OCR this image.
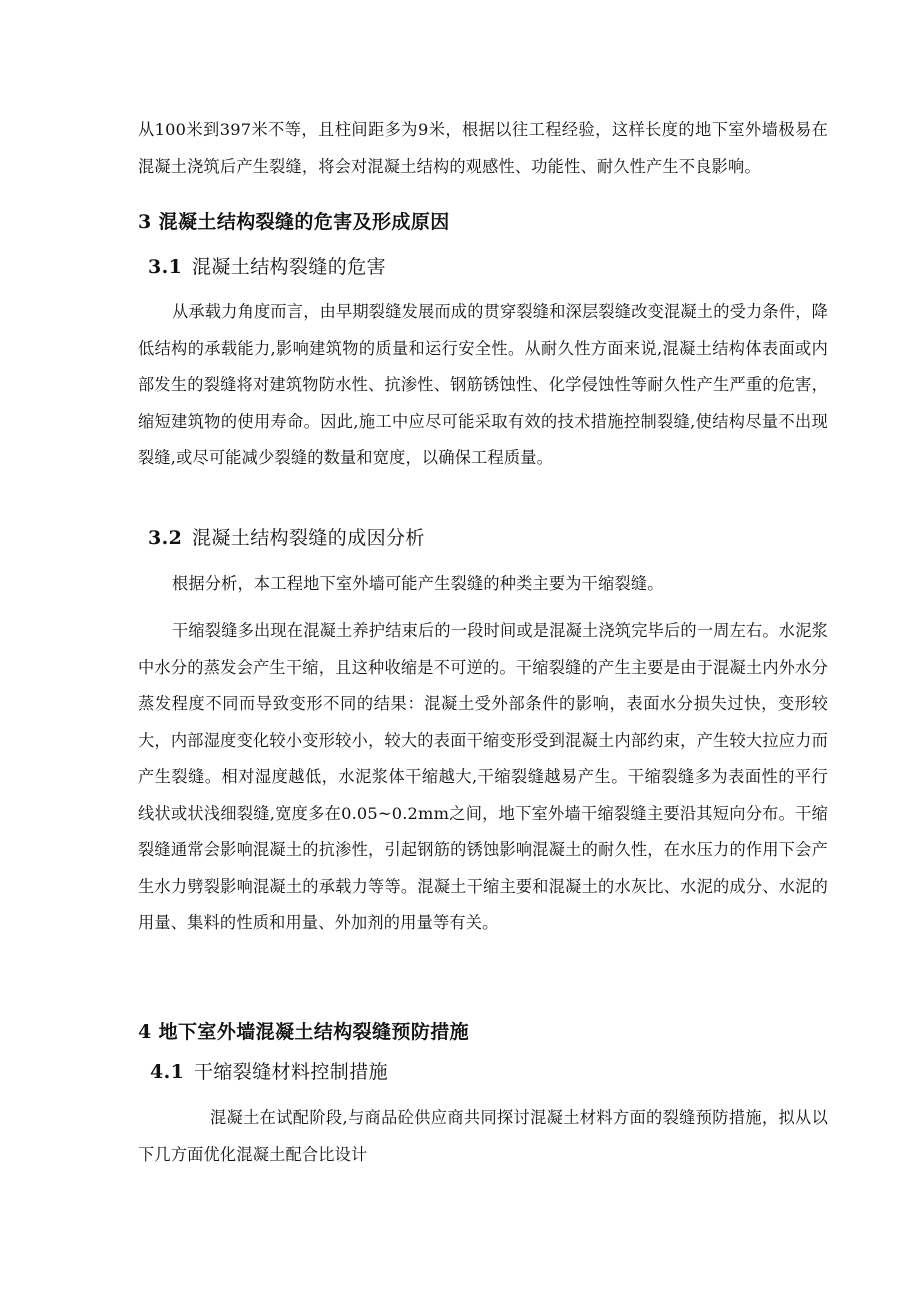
从100米到397米不等，且柱间距多为9米，根据以往工程经验，这样长度的地下室外墙极易在混凝土浇筑后产生裂缝，将会对混凝土结构的观感性、功能性、耐久性产生不良影响。

3 混凝土结构裂缝的危害及形成原因

3.1 混凝土结构裂缝的危害

从承载力角度而言，由早期裂缝发展而成的贯穿裂缝和深层裂缝改变混凝土的受力条件，降低结构的承载能力,影响建筑物的质量和运行安全性。从耐久性方面来说,混凝土结构体表面或内部发生的裂缝将对建筑物防水性、抗渗性、钢筋锈蚀性、化学侵蚀性等耐久性产生严重的危害，缩短建筑物的使用寿命。因此,施工中应尽可能采取有效的技术措施控制裂缝,使结构尽量不出现裂缝,或尽可能减少裂缝的数量和宽度，以确保工程质量。

3.2 混凝土结构裂缝的成因分析

根据分析，本工程地下室外墙可能产生裂缝的种类主要为干缩裂缝。

干缩裂缝多出现在混凝土养护结束后的一段时间或是混凝土浇筑完毕后的一周左右。水泥浆中水分的蒸发会产生干缩，且这种收缩是不可逆的。干缩裂缝的产生主要是由于混凝土内外水分蒸发程度不同而导致变形不同的结果：混凝土受外部条件的影响，表面水分损失过快，变形较大，内部湿度变化较小变形较小，较大的表面干缩变形受到混凝土内部约束，产生较大拉应力而产生裂缝。相对湿度越低，水泥浆体干缩越大,干缩裂缝越易产生。干缩裂缝多为表面性的平行线状或状浅细裂缝,宽度多在0.05~0.2mm之间，地下室外墙干缩裂缝主要沿其短向分布。干缩裂缝通常会影响混凝土的抗渗性，引起钢筋的锈蚀影响混凝土的耐久性，在水压力的作用下会产生水力劈裂影响混凝土的承载力等等。混凝土干缩主要和混凝土的水灰比、水泥的成分、水泥的用量、集料的性质和用量、外加剂的用量等有关。

4 地下室外墙混凝土结构裂缝预防措施

4.1 干缩裂缝材料控制措施

混凝土在试配阶段,与商品砼供应商共同探讨混凝土材料方面的裂缝预防措施，拟从以下几方面优化混凝土配合比设计
